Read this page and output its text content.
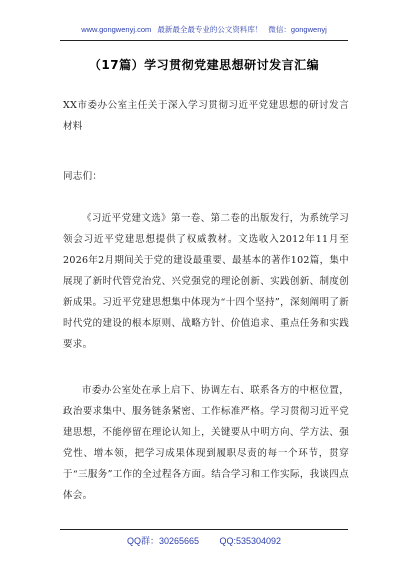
www.gongwenyj.com 最新最全最专业的公文资料库！ 微信：gongwenyj
（17篇）学习贯彻党建思想研讨发言汇编
XX市委办公室主任关于深入学习贯彻习近平党建思想的研讨发言材料
同志们：
《习近平党建文选》第一卷、第二卷的出版发行，为系统学习领会习近平党建思想提供了权威教材。文选收入2012年11月至2026年2月期间关于党的建设最重要、最基本的著作102篇，集中展现了新时代管党治党、兴党强党的理论创新、实践创新、制度创新成果。习近平党建思想集中体现为“十四个坚持”，深刻阐明了新时代党的建设的根本原则、战略方针、价值追求、重点任务和实践要求。
市委办公室处在承上启下、协调左右、联系各方的中枢位置，政治要求集中、服务链条紧密、工作标准严格。学习贯彻习近平党建思想，不能停留在理论认知上，关键要从中明方向、学方法、强党性、增本领，把学习成果体现到履职尽责的每一个环节，贯穿于“三服务”工作的全过程各方面。结合学习和工作实际，我谈四点体会。
QQ群：30265665 QQ:535304092
